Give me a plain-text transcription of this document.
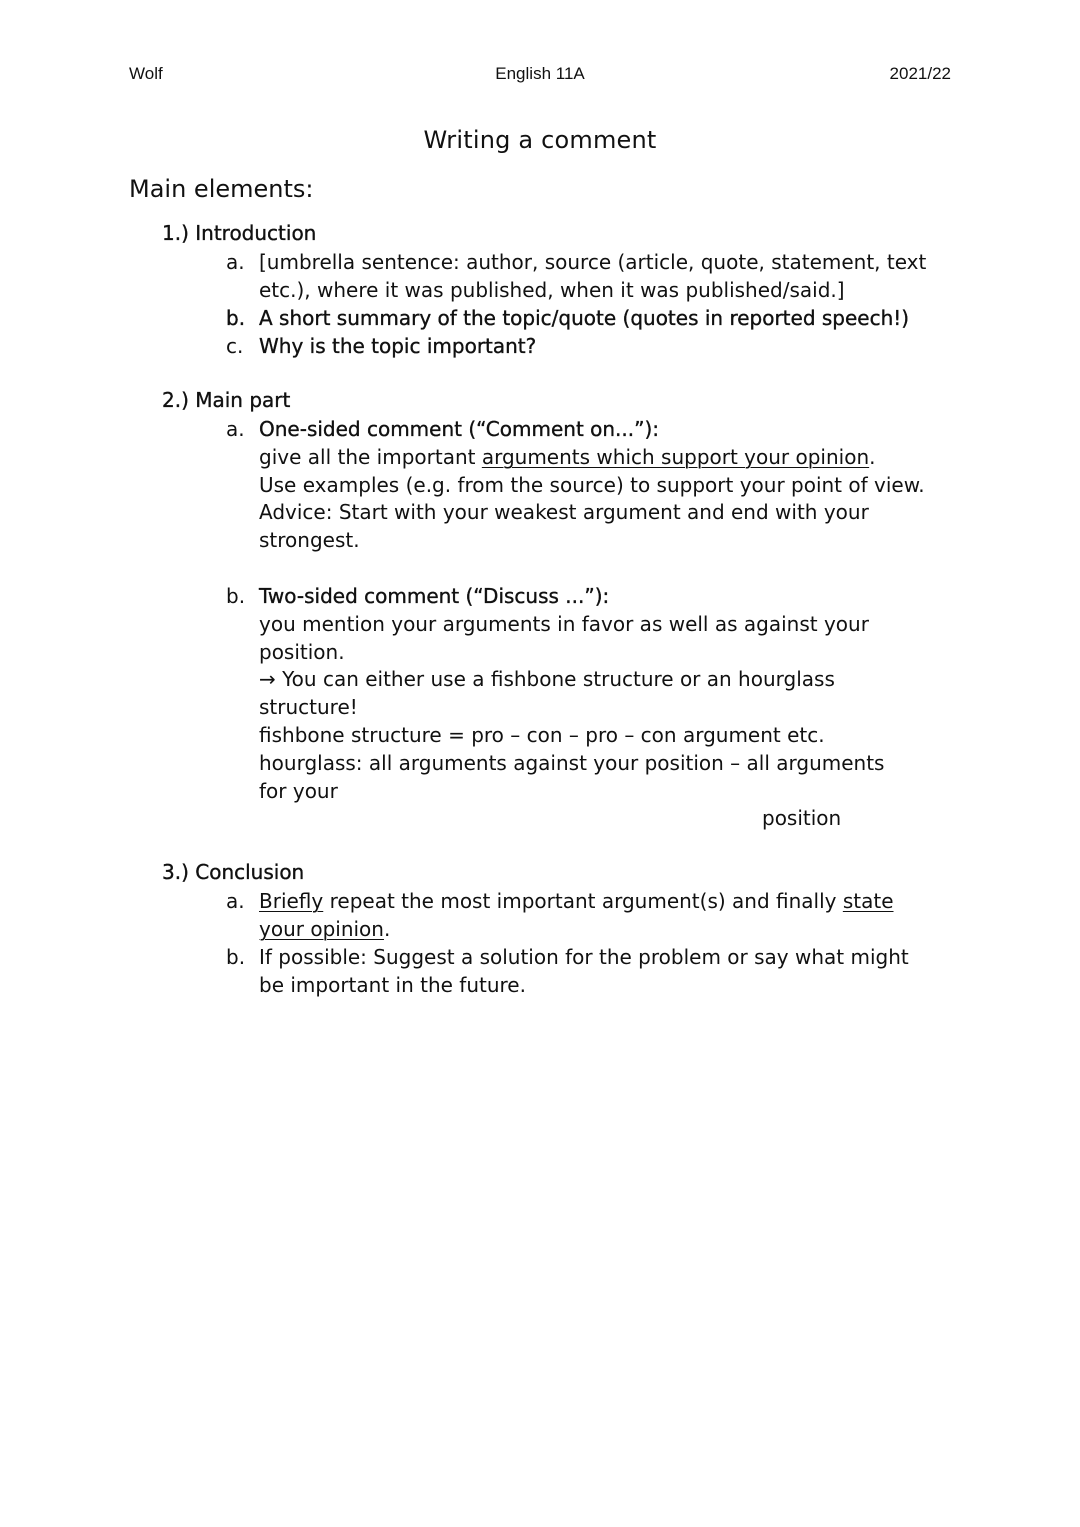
Wolf	English 11A	2021/22
Writing a comment
Main elements:
1.) Introduction
a. [umbrella sentence: author, source (article, quote, statement, text
etc.), where it was published, when it was published/said.]
b. A short summary of the topic/quote (quotes in reported speech!)
c. Why is the topic important?
2.) Main part
a. One-sided comment (“Comment on...”):
give all the important arguments which support your opinion.
Use examples (e.g. from the source) to support your point of view.
Advice: Start with your weakest argument and end with your
strongest.
b. Two-sided comment (“Discuss ...”):
you mention your arguments in favor as well as against your
position.
→ You can either use a fishbone structure or an hourglass
structure!
fishbone structure = pro – con – pro – con argument etc.
hourglass: all arguments against your position – all arguments
for your
position
3.) Conclusion
a. Briefly repeat the most important argument(s) and finally state
your opinion.
b. If possible: Suggest a solution for the problem or say what might
be important in the future.
